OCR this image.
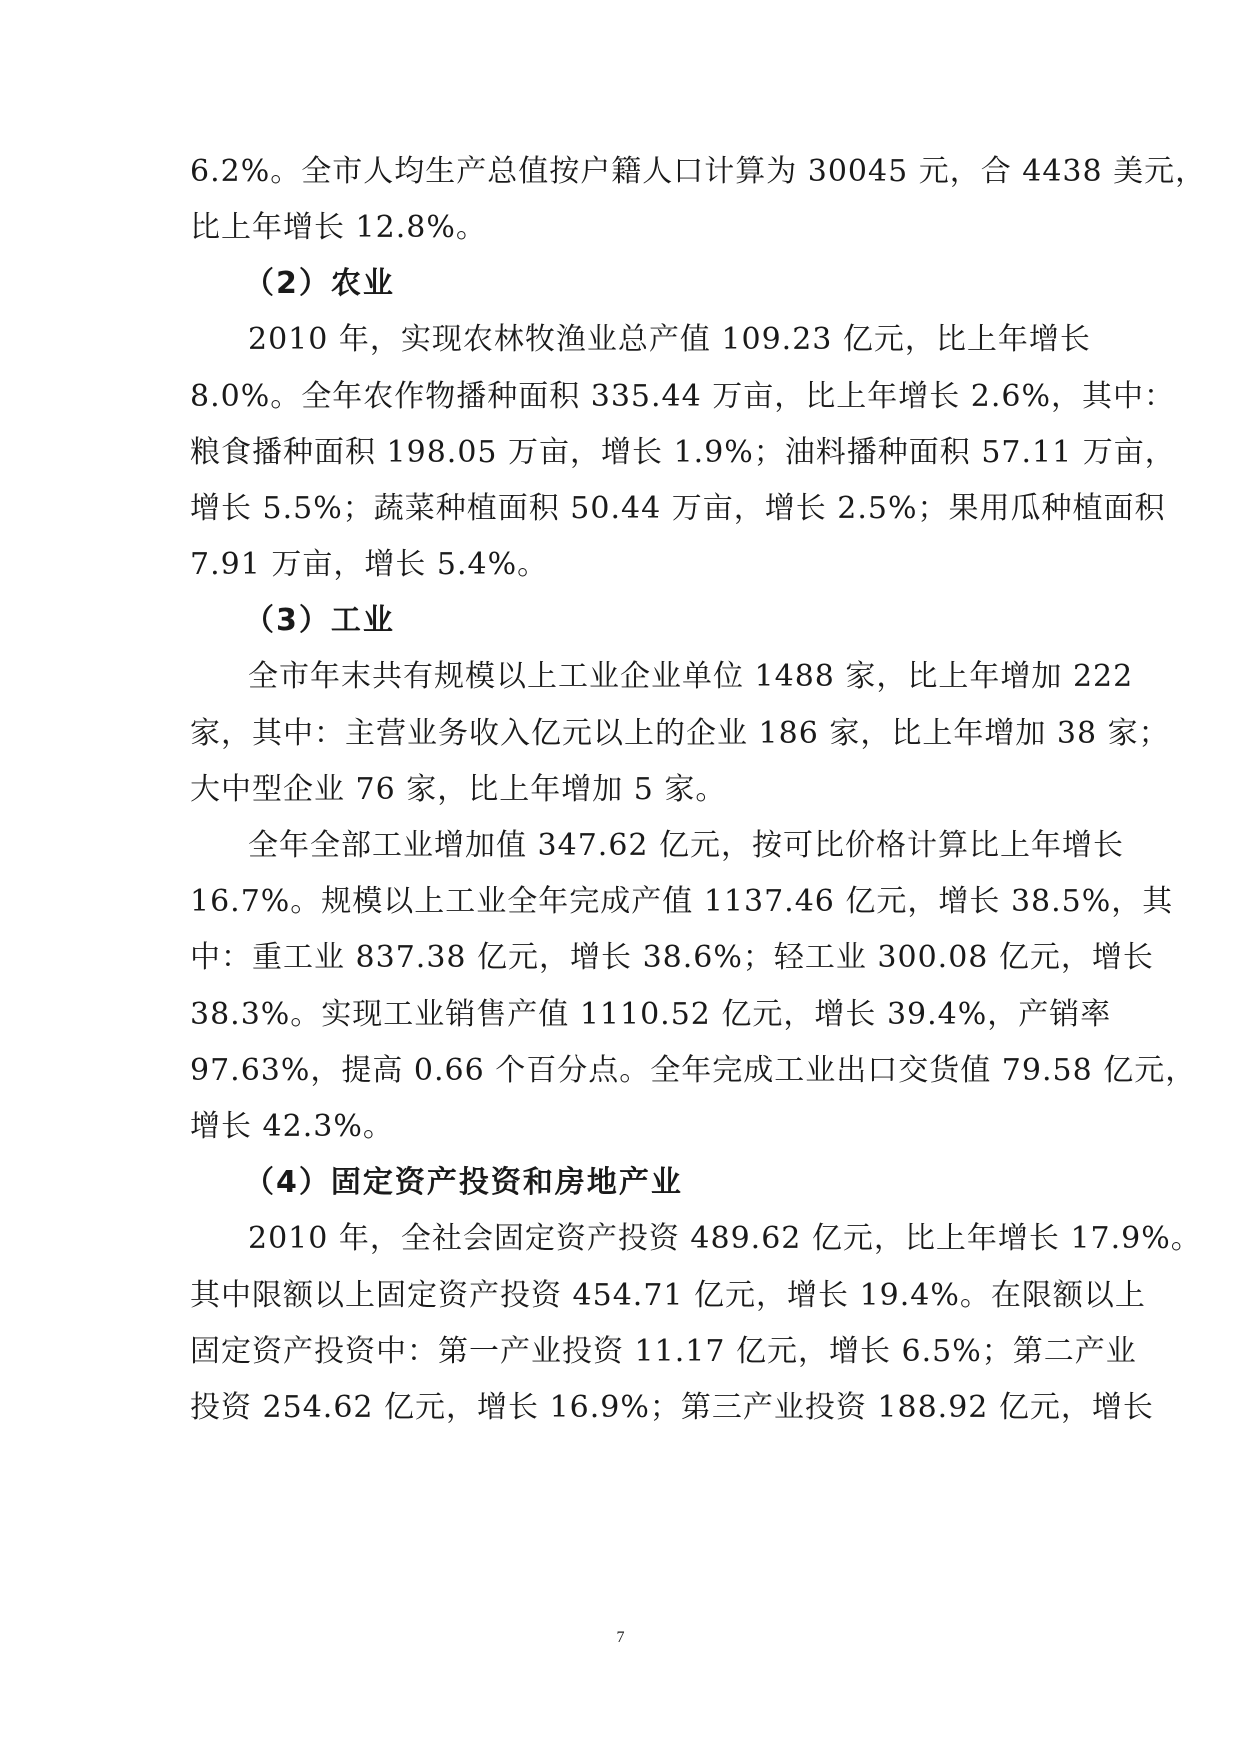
6.2%。全市人均生产总值按户籍人口计算为 30045 元，合 4438 美元，
比上年增长 12.8%。
（2）农业
2010 年，实现农林牧渔业总产值 109.23 亿元，比上年增长
8.0%。全年农作物播种面积 335.44 万亩，比上年增长 2.6%，其中：
粮食播种面积 198.05 万亩，增长 1.9%；油料播种面积 57.11 万亩，
增长 5.5%；蔬菜种植面积 50.44 万亩，增长 2.5%；果用瓜种植面积
7.91 万亩，增长 5.4%。
（3）工业
全市年末共有规模以上工业企业单位 1488 家，比上年增加 222
家，其中：主营业务收入亿元以上的企业 186 家，比上年增加 38 家；
大中型企业 76 家，比上年增加 5 家。
全年全部工业增加值 347.62 亿元，按可比价格计算比上年增长
16.7%。规模以上工业全年完成产值 1137.46 亿元，增长 38.5%，其
中：重工业 837.38 亿元，增长 38.6%；轻工业 300.08 亿元，增长
38.3%。实现工业销售产值 1110.52 亿元，增长 39.4%，产销率
97.63%，提高 0.66 个百分点。全年完成工业出口交货值 79.58 亿元，
增长 42.3%。
（4）固定资产投资和房地产业
2010 年，全社会固定资产投资 489.62 亿元，比上年增长 17.9%。
其中限额以上固定资产投资 454.71 亿元，增长 19.4%。在限额以上
固定资产投资中：第一产业投资 11.17 亿元，增长 6.5%；第二产业
投资 254.62 亿元，增长 16.9%；第三产业投资 188.92 亿元，增长
7
